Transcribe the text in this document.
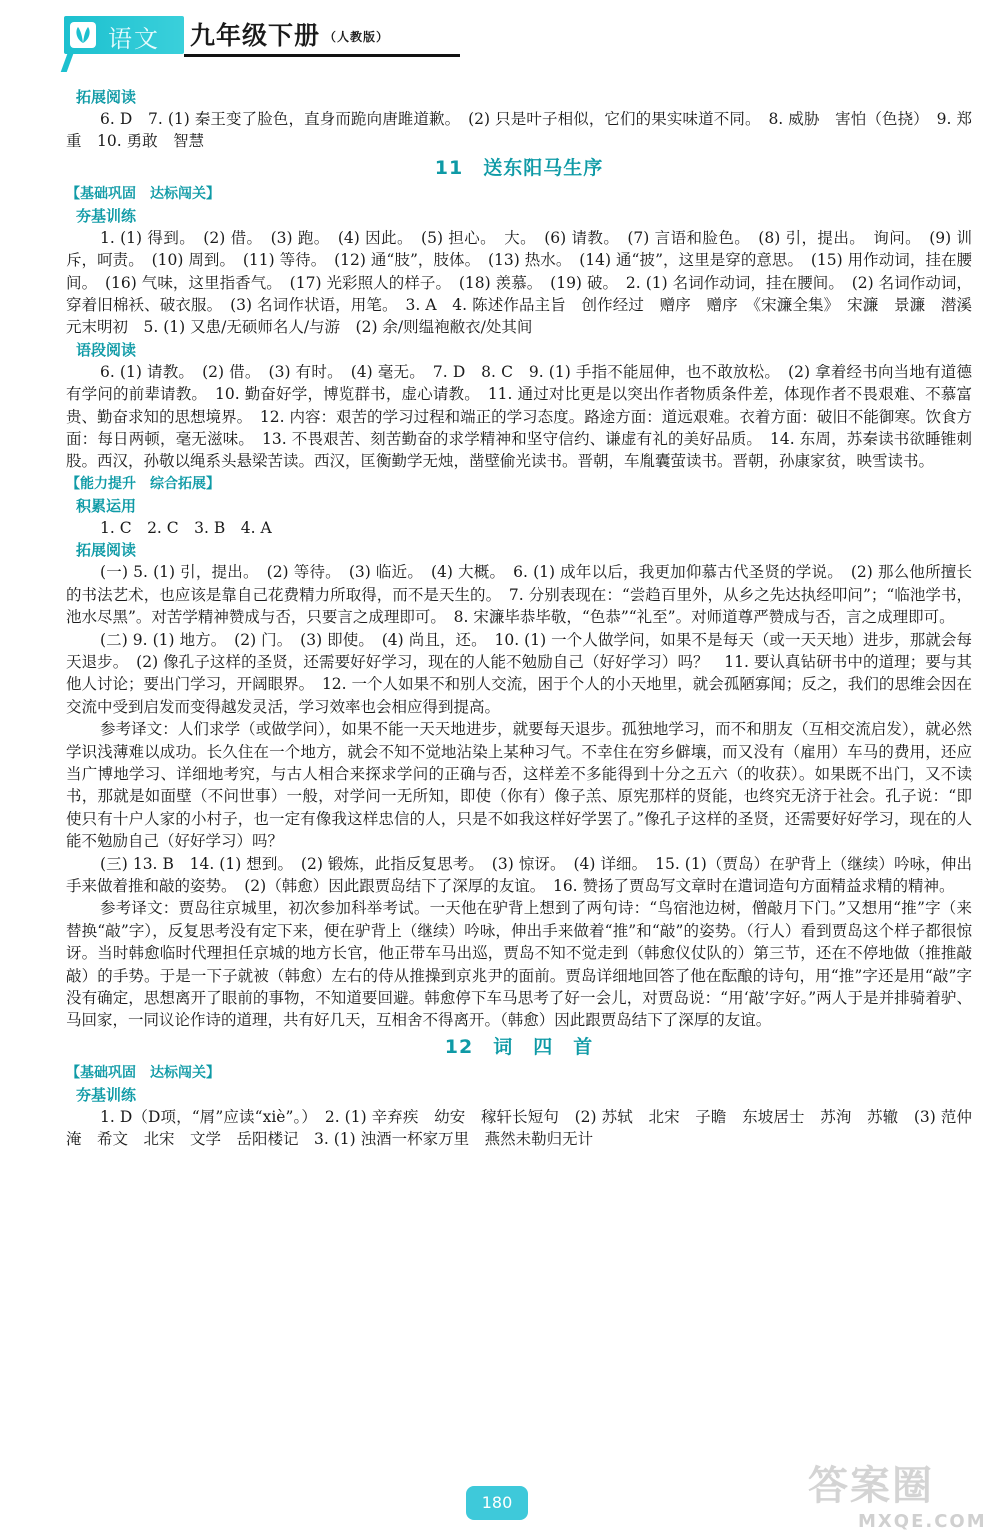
语文 九年级下册 （人教版）
拓展阅读

6. D　7. (1) 秦王变了脸色，直身而跪向唐雎道歉。　(2) 只是叶子相似，它们的果实味道不同。　8. 威胁　害怕（色挠）　9. 郑重　10. 勇敢　智慧

11　送东阳马生序
【基础巩固　达标闯关】
夯基训练

1. (1) 得到。　(2) 借。　(3) 跑。　(4) 因此。　(5) 担心。　大。　(6) 请教。　(7) 言语和脸色。　(8) 引，提出。　询问。　(9) 训斥，呵责。　(10) 周到。　(11) 等待。　(12) 通“肢”，肢体。　(13) 热水。　(14) 通“披”，这里是穿的意思。　(15) 用作动词，挂在腰间。　(16) 气味，这里指香气。　(17) 光彩照人的样子。　(18) 羡慕。　(19) 破。　2. (1) 名词作动词，挂在腰间。　(2) 名词作动词，穿着旧棉袄、破衣服。　(3) 名词作状语，用笔。　3. A　4. 陈述作品主旨　创作经过　赠序　赠序　《宋濂全集》　宋濂　景濂　潜溪　元末明初　5. (1) 又患/无硕师名人/与游　(2) 余/则缊袍敝衣/处其间

语段阅读

6. (1) 请教。　(2) 借。　(3) 有时。　(4) 毫无。　7. D　8. C　9. (1) 手指不能屈伸，也不敢放松。　(2) 拿着经书向当地有道德有学问的前辈请教。　10. 勤奋好学，博览群书，虚心请教。　11. 通过对比更是以突出作者物质条件差，体现作者不畏艰难、不慕富贵、勤奋求知的思想境界。　12. 内容：艰苦的学习过程和端正的学习态度。路途方面：道远艰难。衣着方面：破旧不能御寒。饮食方面：每日两顿，毫无滋味。　13. 不畏艰苦、刻苦勤奋的求学精神和坚守信约、谦虚有礼的美好品质。　14. 东周，苏秦读书欲睡锥刺股。西汉，孙敬以绳系头悬梁苦读。西汉，匡衡勤学无烛，凿壁偷光读书。晋朝，车胤囊萤读书。晋朝，孙康家贫，映雪读书。

【能力提升　综合拓展】
积累运用

1. C　2. C　3. B　4. A

拓展阅读

(一) 5. (1) 引，提出。　(2) 等待。　(3) 临近。　(4) 大概。　6. (1) 成年以后，我更加仰慕古代圣贤的学说。　(2) 那么他所擅长的书法艺术，也应该是靠自己花费精力所取得，而不是天生的。　7. 分别表现在：“尝趋百里外，从乡之先达执经叩问”；“临池学书，池水尽黑”。对苦学精神赞成与否，只要言之成理即可。　8. 宋濂毕恭毕敬，“色恭”“礼至”。对师道尊严赞成与否，言之成理即可。

(二) 9. (1) 地方。　(2) 门。　(3) 即使。　(4) 尚且，还。　10. (1) 一个人做学问，如果不是每天（或一天天地）进步，那就会每天退步。　(2) 像孔子这样的圣贤，还需要好好学习，现在的人能不勉励自己（好好学习）吗？　11. 要认真钻研书中的道理；要与其他人讨论；要出门学习，开阔眼界。　12. 一个人如果不和别人交流，困于个人的小天地里，就会孤陋寡闻；反之，我们的思维会因在交流中受到启发而变得越发灵活，学习效率也会相应得到提高。

参考译文：人们求学（或做学问），如果不能一天天地进步，就要每天退步。孤独地学习，而不和朋友（互相交流启发），就必然学识浅薄难以成功。长久住在一个地方，就会不知不觉地沾染上某种习气。不幸住在穷乡僻壤，而又没有（雇用）车马的费用，还应当广博地学习、详细地考究，与古人相合来探求学问的正确与否，这样差不多能得到十分之五六（的收获）。如果既不出门，又不读书，那就是如面壁（不问世事）一般，对学问一无所知，即使（你有）像子羔、原宪那样的贤能，也终究无济于社会。孔子说：“即使只有十户人家的小村子，也一定有像我这样忠信的人，只是不如我这样好学罢了。”像孔子这样的圣贤，还需要好好学习，现在的人能不勉励自己（好好学习）吗？

(三) 13. B　14. (1) 想到。　(2) 锻炼，此指反复思考。　(3) 惊讶。　(4) 详细。　15. (1)（贾岛）在驴背上（继续）吟咏，伸出手来做着推和敲的姿势。　(2)（韩愈）因此跟贾岛结下了深厚的友谊。　16. 赞扬了贾岛写文章时在遣词造句方面精益求精的精神。

参考译文：贾岛往京城里，初次参加科举考试。一天他在驴背上想到了两句诗：“鸟宿池边树，僧敲月下门。”又想用“推”字（来替换“敲”字），反复思考没有定下来，便在驴背上（继续）吟咏，伸出手来做着“推”和“敲”的姿势。（行人）看到贾岛这个样子都很惊讶。当时韩愈临时代理担任京城的地方长官，他正带车马出巡，贾岛不知不觉走到（韩愈仪仗队的）第三节，还在不停地做（推推敲敲）的手势。于是一下子就被（韩愈）左右的侍从推操到京兆尹的面前。贾岛详细地回答了他在酝酿的诗句，用“推”字还是用“敲”字没有确定，思想离开了眼前的事物，不知道要回避。韩愈停下车马思考了好一会儿，对贾岛说：“用‘敲’字好。”两人于是并排骑着驴、马回家，一同议论作诗的道理，共有好几天，互相舍不得离开。（韩愈）因此跟贾岛结下了深厚的友谊。

12　词　四　首
【基础巩固　达标闯关】
夯基训练

1. D（D项，“屑”应读“xiè”。）　2. (1) 辛弃疾　幼安　稼轩长短句　(2) 苏轼　北宋　子瞻　东坡居士　苏洵　苏辙　(3) 范仲淹　希文　北宋　文学　岳阳楼记　3. (1) 浊酒一杯家万里　燕然未勒归无计

180	答案圈
MXQE.COM
